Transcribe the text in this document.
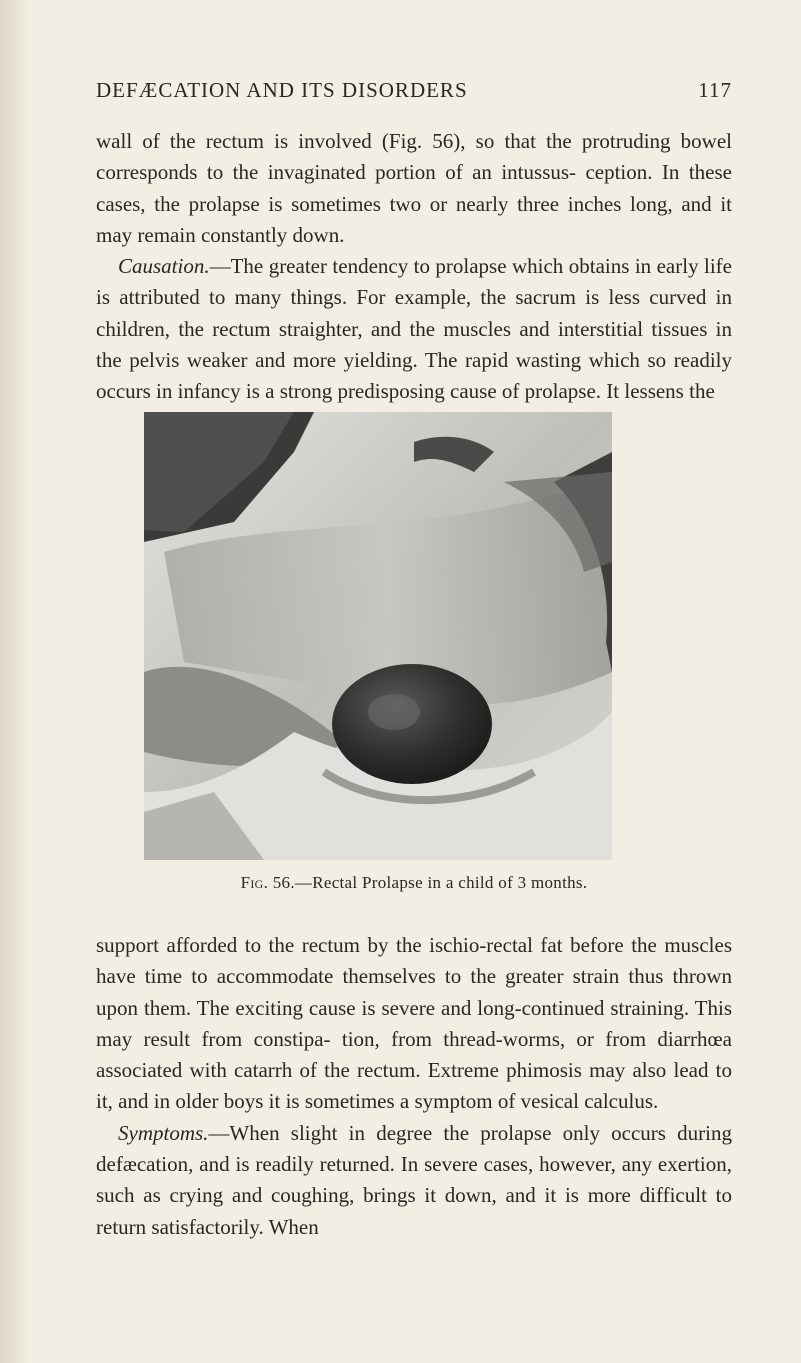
DEFÆCATION AND ITS DISORDERS	117

wall of the rectum is involved (Fig. 56), so that the protruding bowel corresponds to the invaginated portion of an intussus- ception. In these cases, the prolapse is sometimes two or nearly three inches long, and it may remain constantly down.

Causation.—The greater tendency to prolapse which obtains in early life is attributed to many things. For example, the sacrum is less curved in children, the rectum straighter, and the muscles and interstitial tissues in the pelvis weaker and more yielding. The rapid wasting which so readily occurs in infancy is a strong predisposing cause of prolapse. It lessens the

Fig. 56.—Rectal Prolapse in a child of 3 months.

support afforded to the rectum by the ischio-rectal fat before the muscles have time to accommodate themselves to the greater strain thus thrown upon them. The exciting cause is severe and long-continued straining. This may result from constipa- tion, from thread-worms, or from diarrhœa associated with catarrh of the rectum. Extreme phimosis may also lead to it, and in older boys it is sometimes a symptom of vesical calculus.

Symptoms.—When slight in degree the prolapse only occurs during defæcation, and is readily returned. In severe cases, however, any exertion, such as crying and coughing, brings it down, and it is more difficult to return satisfactorily. When
